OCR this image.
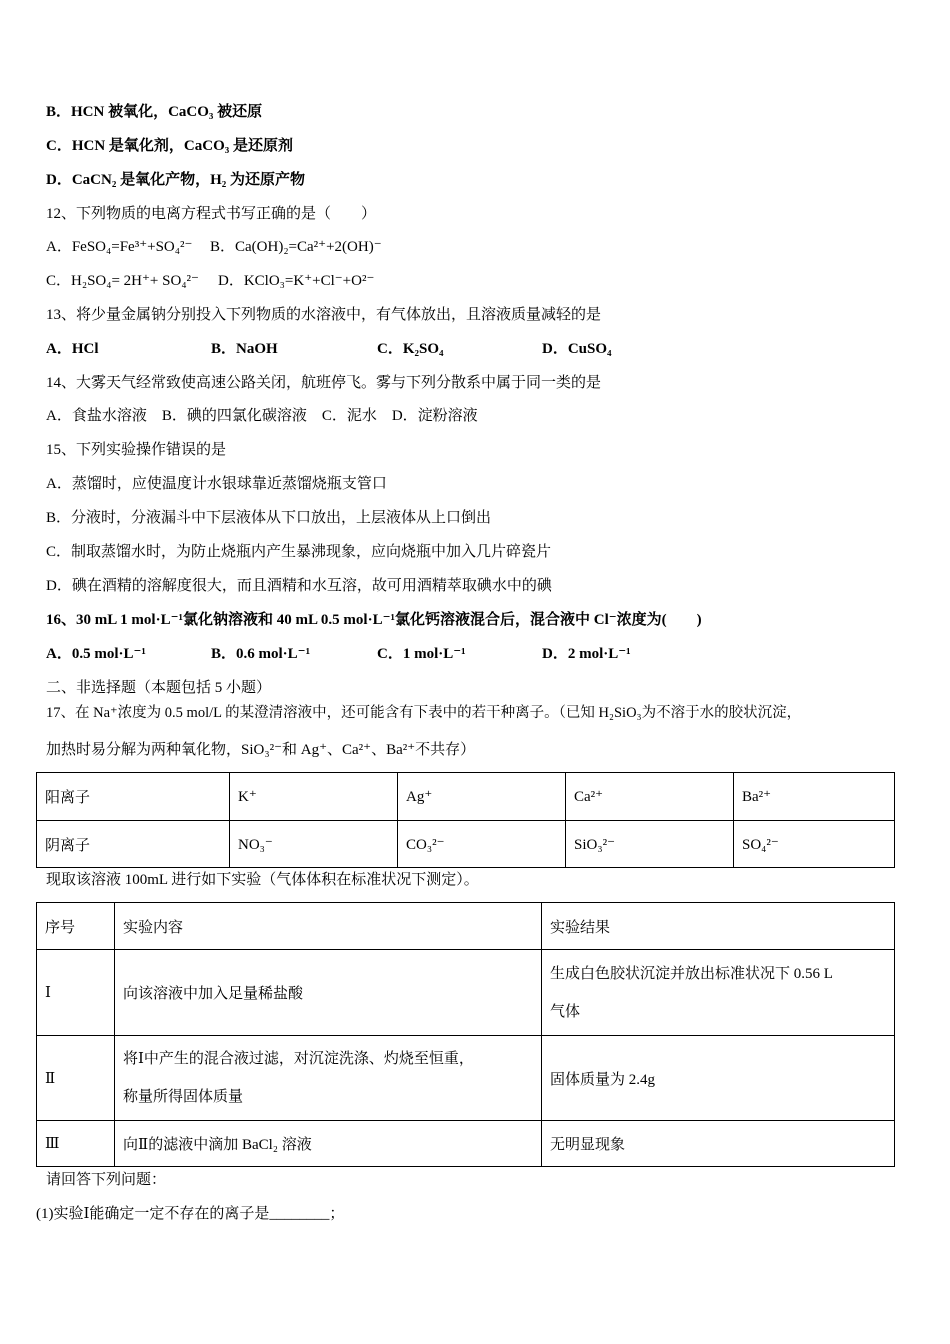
B．HCN 被氧化，CaCO₃ 被还原
C．HCN 是氧化剂，CaCO₃ 是还原剂
D．CaCN₂ 是氧化产物，H₂ 为还原产物
12、下列物质的电离方程式书写正确的是（　　）
A．FeSO₄=Fe³⁺+SO₄²⁻ B．Ca(OH)₂=Ca²⁺+2(OH)⁻
C．H₂SO₄= 2H⁺+ SO₄²⁻ D．KClO₃=K⁺+Cl⁻+O²⁻
13、将少量金属钠分别投入下列物质的水溶液中，有气体放出，且溶液质量减轻的是
A．HCl	B．NaOH	C．K₂SO₄	D．CuSO₄
14、大雾天气经常致使高速公路关闭，航班停飞。雾与下列分散系中属于同一类的是
A．食盐水溶液　B．碘的四氯化碳溶液　C．泥水　D．淀粉溶液
15、下列实验操作错误的是
A．蒸馏时，应使温度计水银球靠近蒸馏烧瓶支管口
B．分液时，分液漏斗中下层液体从下口放出，上层液体从上口倒出
C．制取蒸馏水时，为防止烧瓶内产生暴沸现象，应向烧瓶中加入几片碎瓷片
D．碘在酒精的溶解度很大，而且酒精和水互溶，故可用酒精萃取碘水中的碘
16、30 mL 1 mol·L⁻¹氯化钠溶液和 40 mL 0.5 mol·L⁻¹氯化钙溶液混合后，混合液中 Cl⁻浓度为(　　)
A．0.5 mol·L⁻¹	B．0.6 mol·L⁻¹	C．1 mol·L⁻¹	D．2 mol·L⁻¹
二、非选择题（本题包括 5 小题）
17、在 Na⁺浓度为 0.5 mol/L 的某澄清溶液中，还可能含有下表中的若干种离子。（已知 H₂SiO₃为不溶于水的胶状沉淀，
加热时易分解为两种氧化物，SiO₃²⁻和 Ag⁺、Ca²⁺、Ba²⁺不共存）
阳离子	K⁺	Ag⁺	Ca²⁺	Ba²⁺
阴离子	NO₃⁻	CO₃²⁻	SiO₃²⁻	SO₄²⁻
现取该溶液 100mL 进行如下实验（气体体积在标准状况下测定）。
序号	实验内容	实验结果
Ⅰ	向该溶液中加入足量稀盐酸	生成白色胶状沉淀并放出标准状况下 0.56 L
气体

Ⅱ	将Ⅰ中产生的混合液过滤，对沉淀洗涤、灼烧至恒重，
称量所得固体质量	固体质量为 2.4g
Ⅲ	向Ⅱ的滤液中滴加 BaCl₂ 溶液	无明显现象
请回答下列问题：
(1)实验Ⅰ能确定一定不存在的离子是________；
